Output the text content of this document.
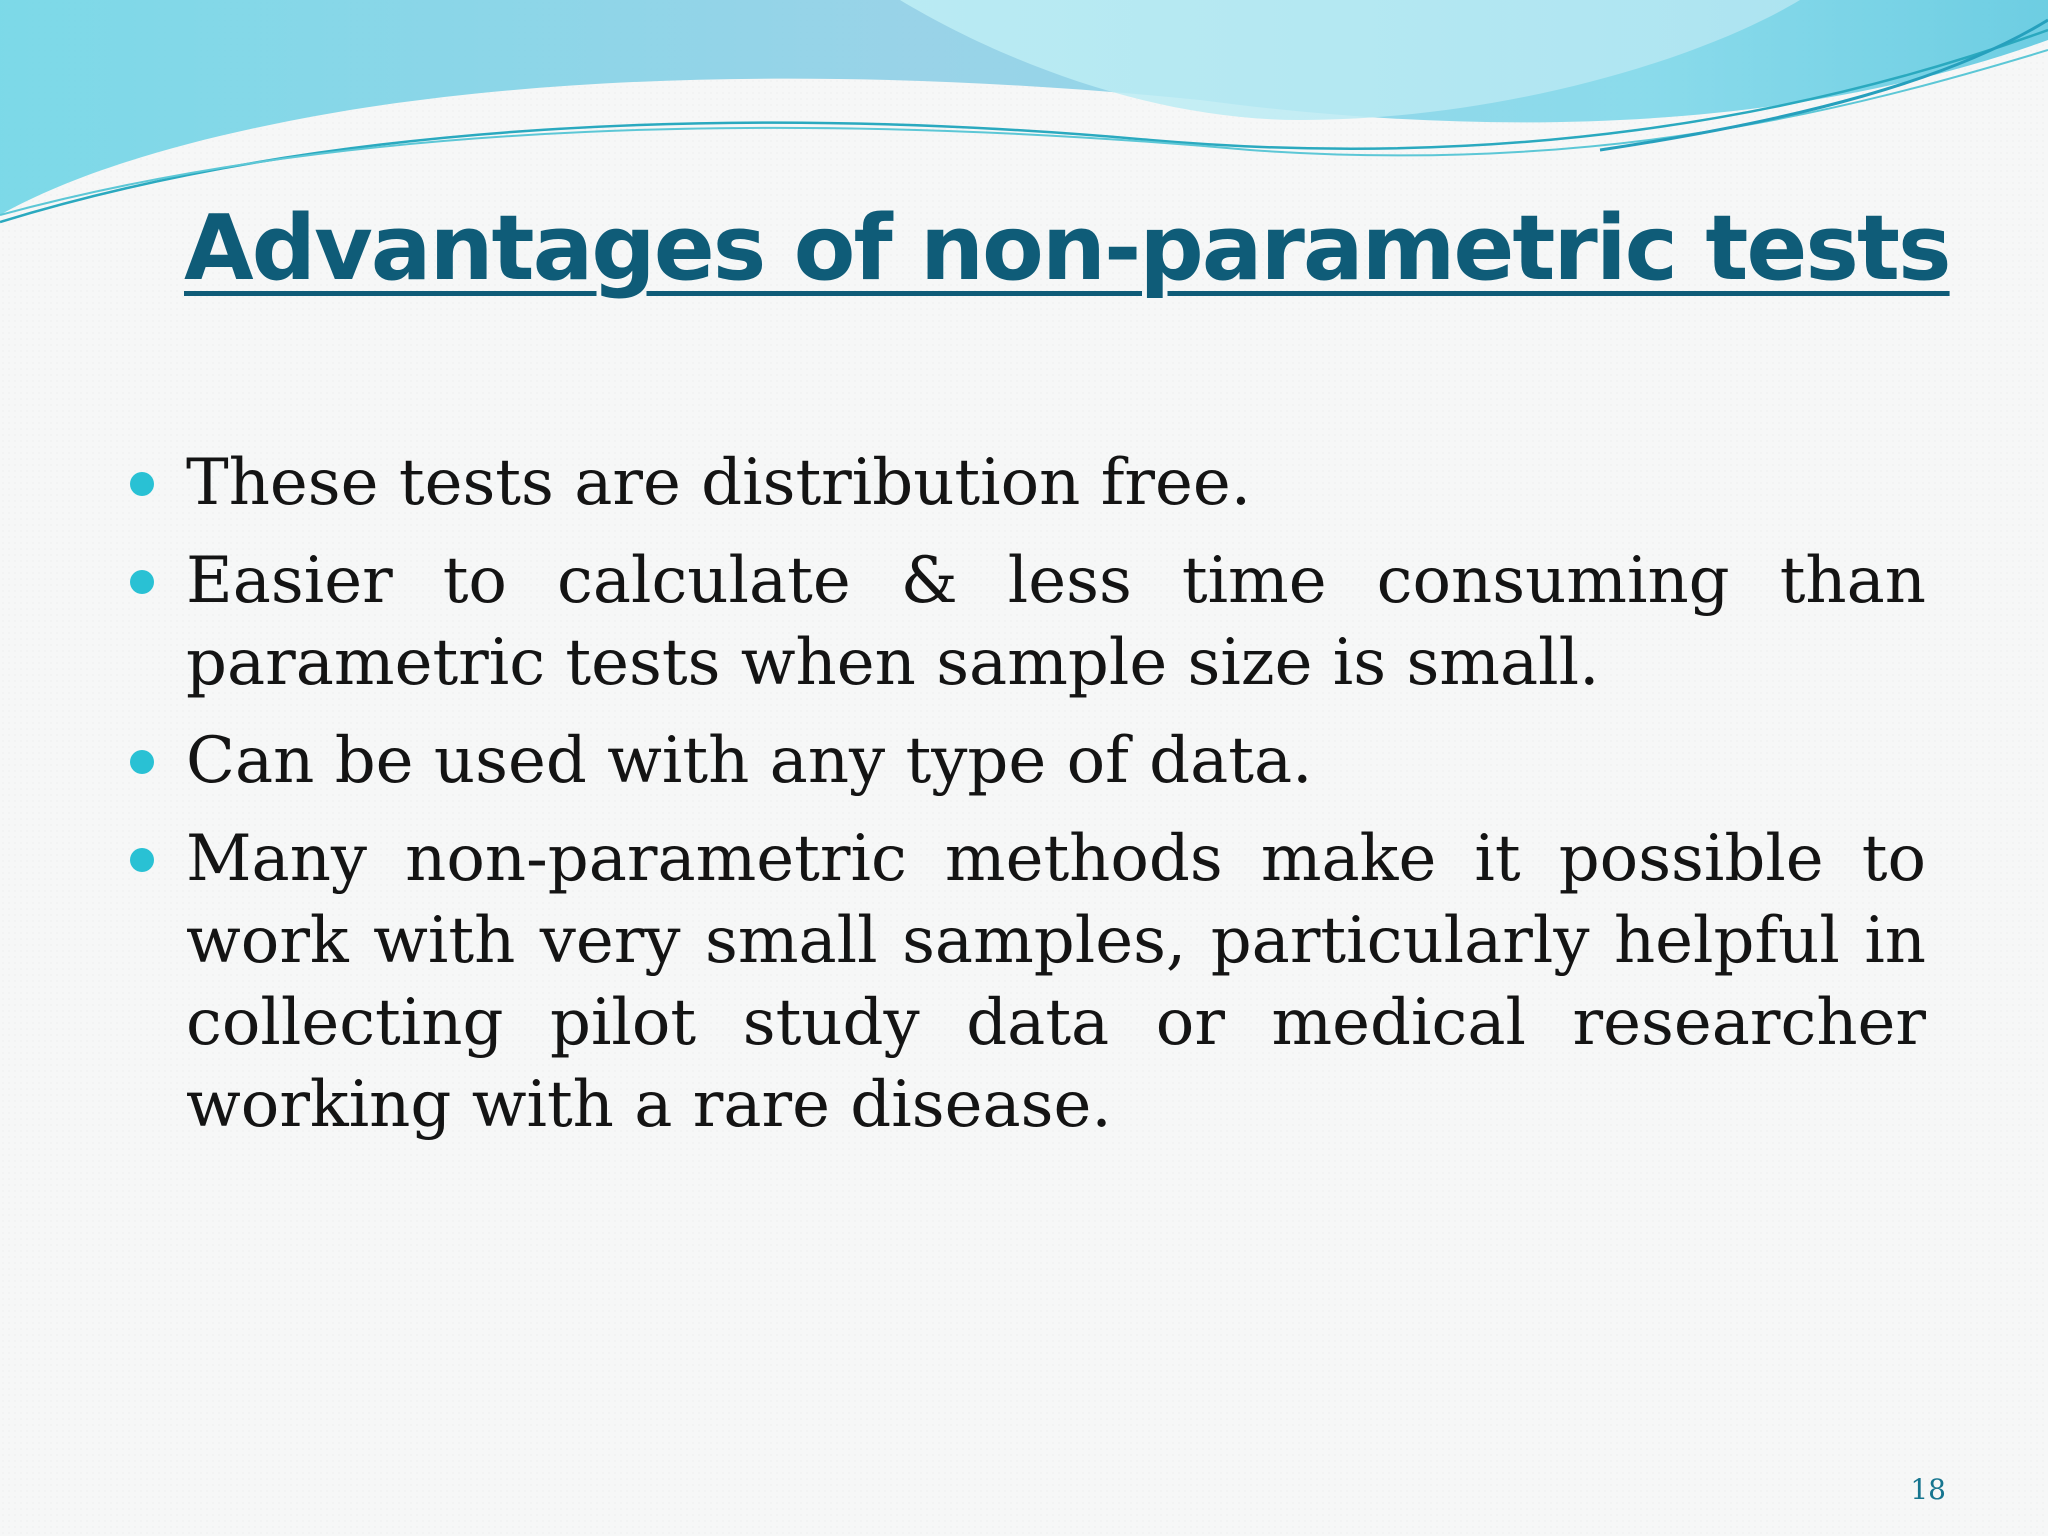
Advantages of non-parametric tests
These tests are distribution free.
Easier to calculate & less time consuming than parametric tests when sample size is small.
Can be used with any type of data.
Many non-parametric methods make it possible to work with very small samples, particularly helpful in collecting pilot study data or medical researcher working with a rare disease.
18
